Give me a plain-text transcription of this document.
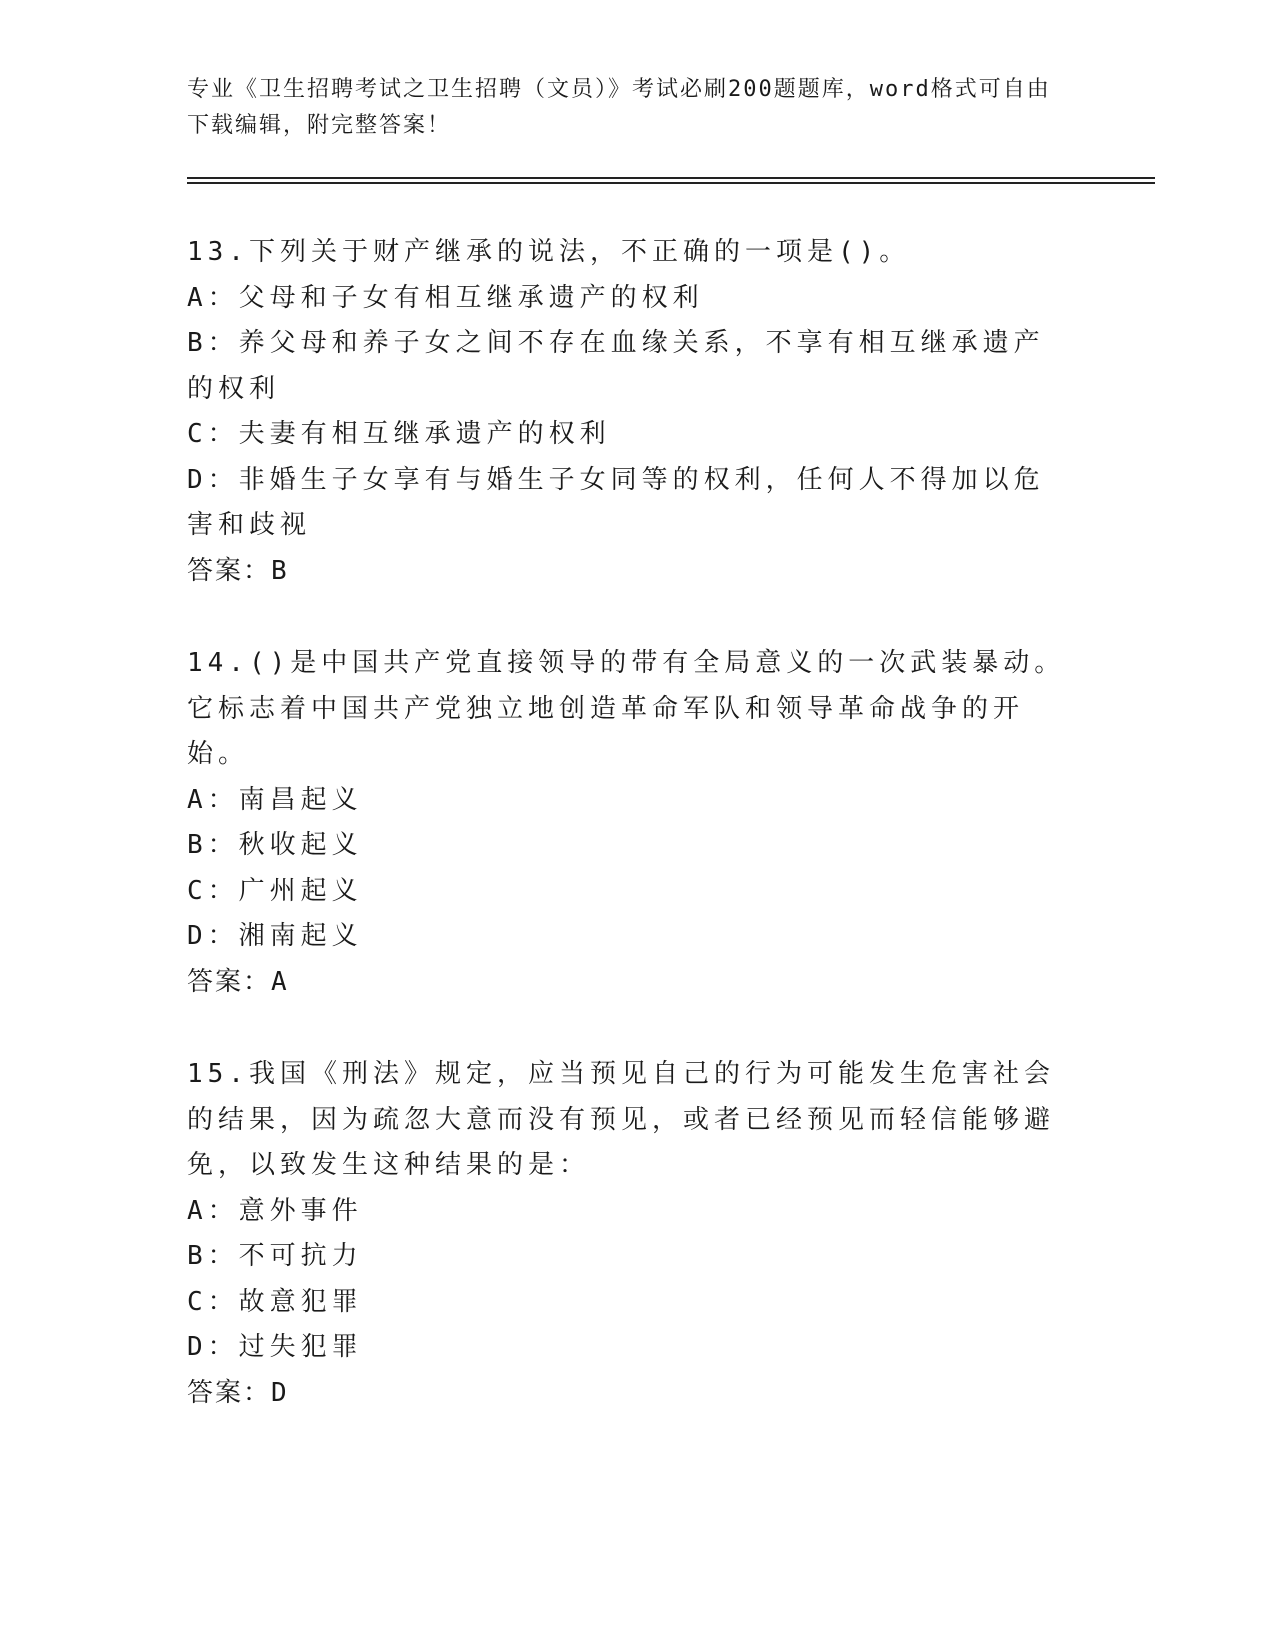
专业《卫生招聘考试之卫生招聘（文员）》考试必刷200题题库，word格式可自由下载编辑，附完整答案！

13.下列关于财产继承的说法，不正确的一项是()。

A：父母和子女有相互继承遗产的权利

B：养父母和养子女之间不存在血缘关系，不享有相互继承遗产的权利

C：夫妻有相互继承遗产的权利

D：非婚生子女享有与婚生子女同等的权利，任何人不得加以危害和歧视

答案：B

14.()是中国共产党直接领导的带有全局意义的一次武装暴动。它标志着中国共产党独立地创造革命军队和领导革命战争的开始。

A：南昌起义

B：秋收起义

C：广州起义

D：湘南起义

答案：A

15.我国《刑法》规定，应当预见自己的行为可能发生危害社会的结果，因为疏忽大意而没有预见，或者已经预见而轻信能够避免，以致发生这种结果的是：

A：意外事件

B：不可抗力

C：故意犯罪

D：过失犯罪

答案：D
